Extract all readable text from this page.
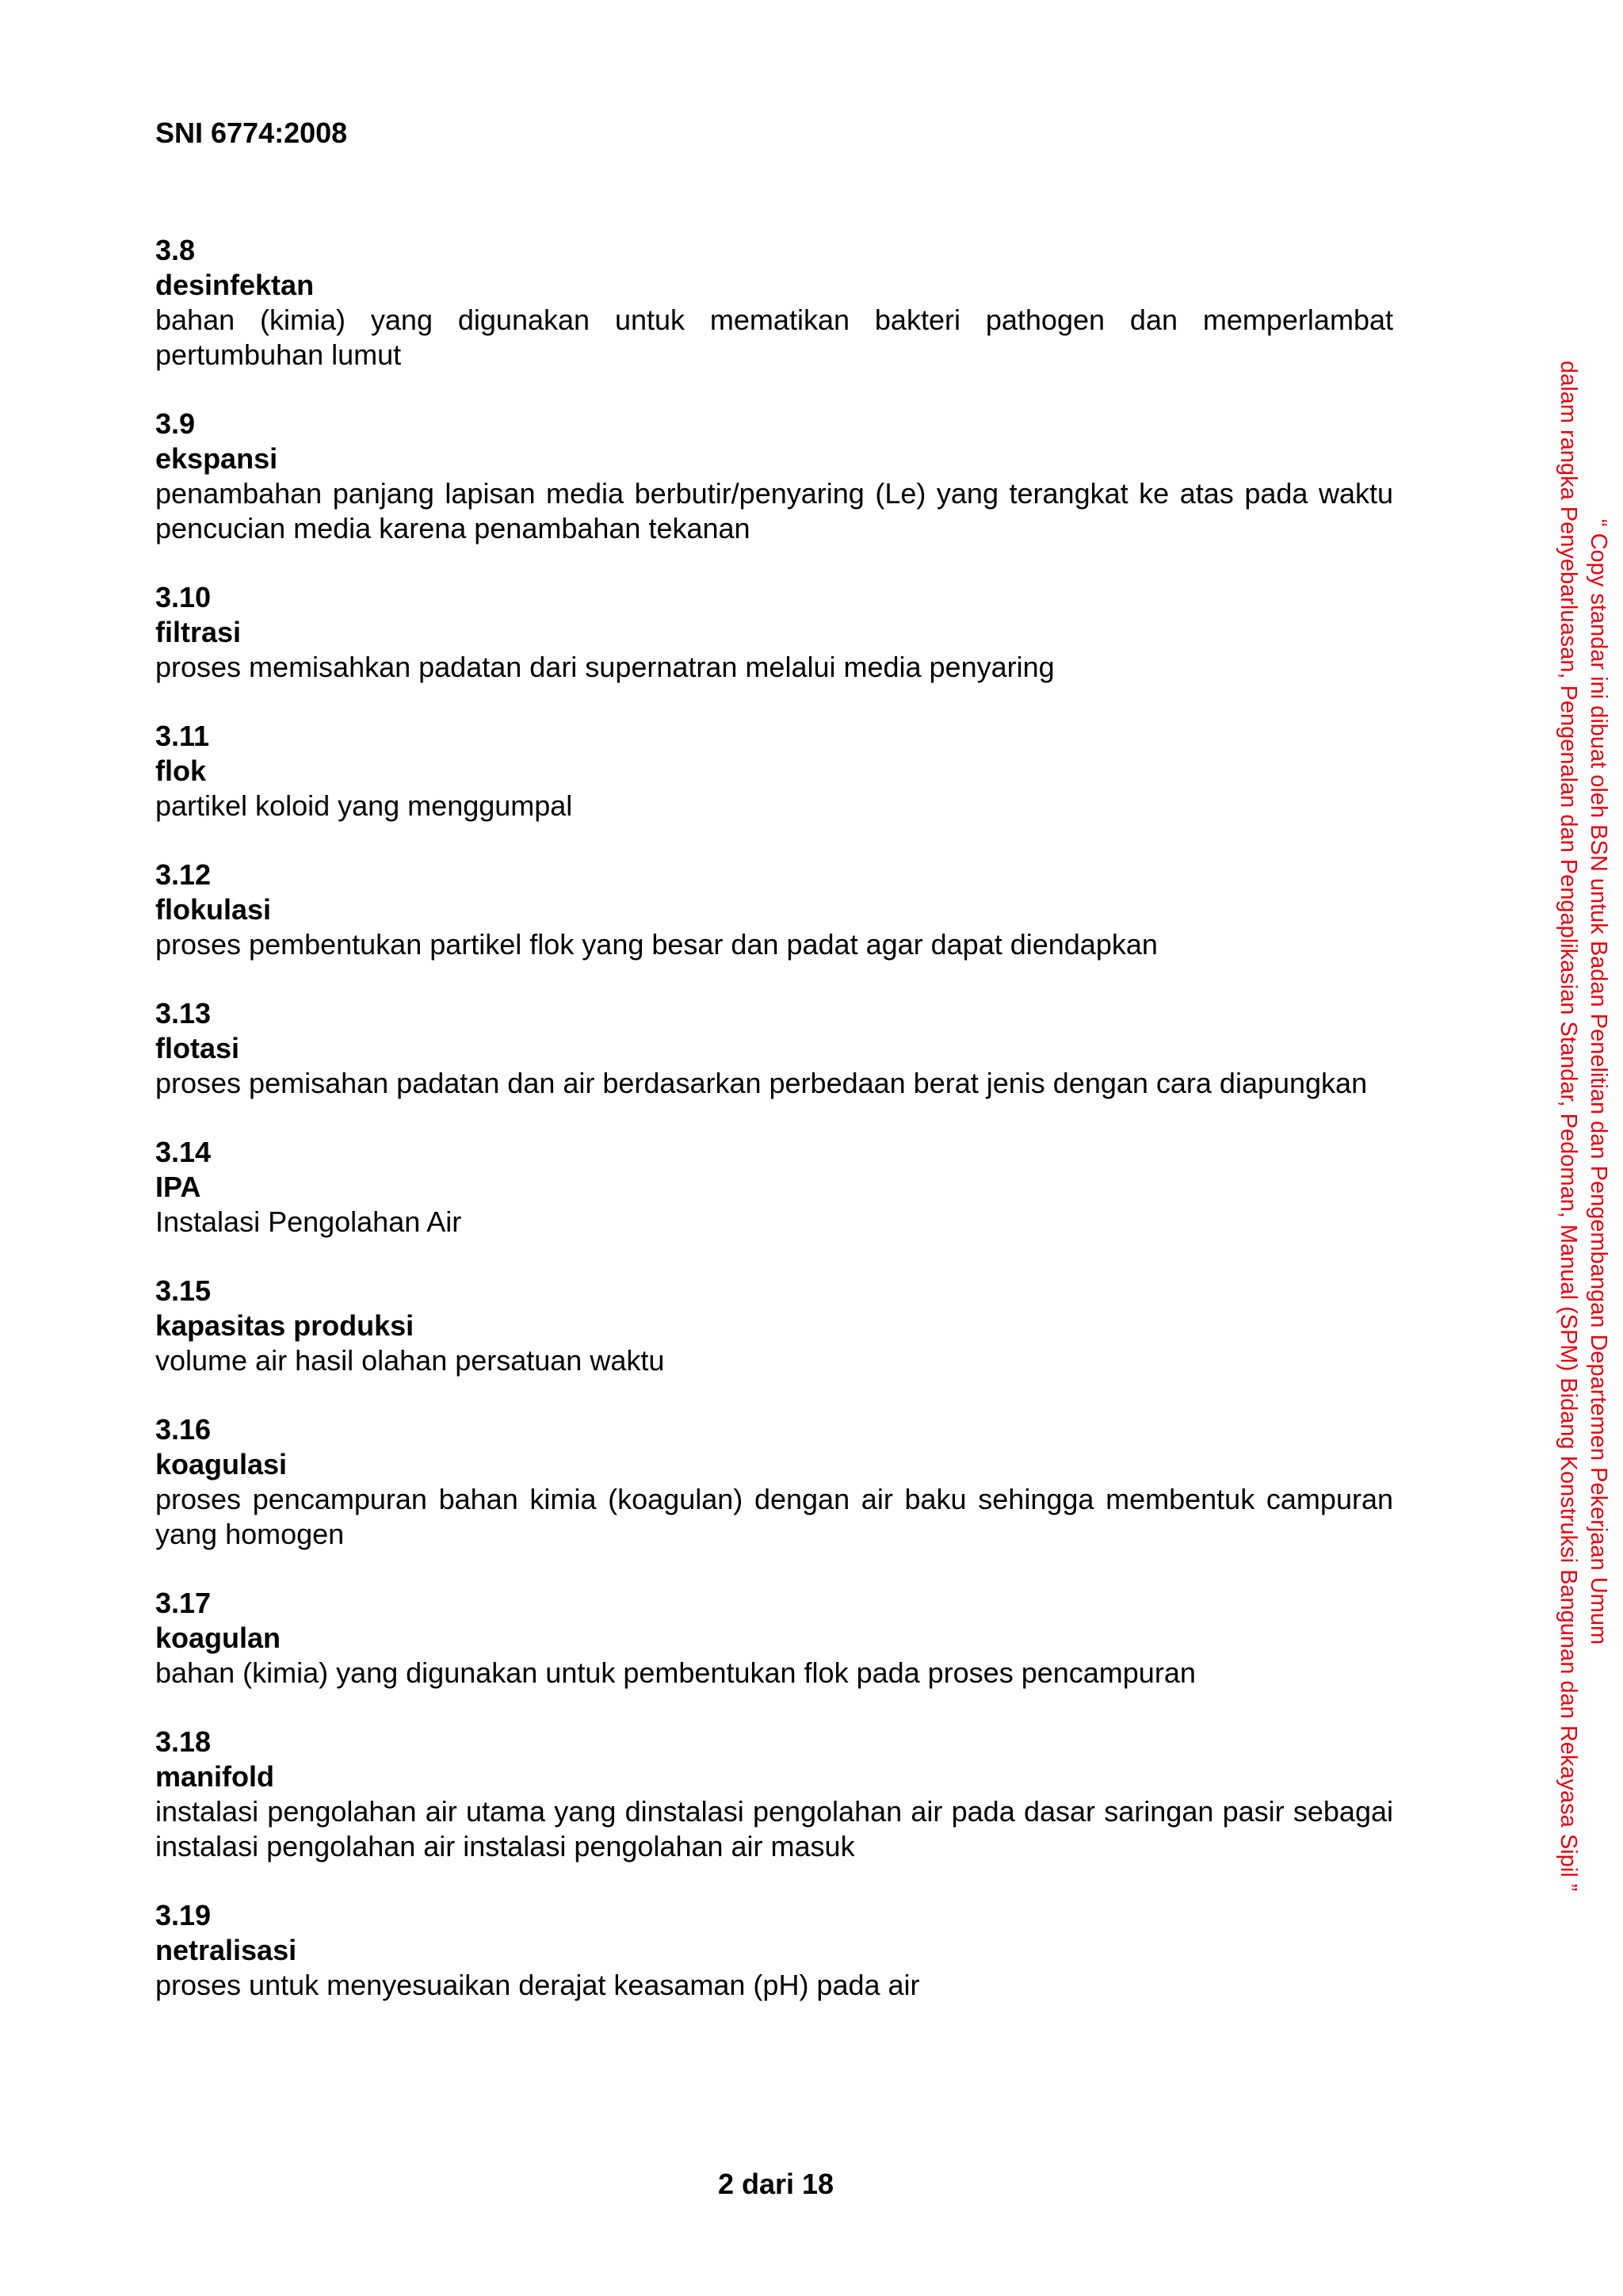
SNI 6774:2008
3.8
desinfektan
bahan (kimia) yang digunakan untuk mematikan bakteri pathogen dan memperlambat pertumbuhan lumut
3.9
ekspansi
penambahan panjang lapisan media berbutir/penyaring (Le) yang terangkat ke atas pada waktu pencucian media karena penambahan tekanan
3.10
filtrasi
proses memisahkan padatan dari supernatran melalui media penyaring
3.11
flok
partikel koloid yang menggumpal
3.12
flokulasi
proses pembentukan partikel flok yang besar dan padat agar dapat diendapkan
3.13
flotasi
proses pemisahan padatan dan air berdasarkan perbedaan berat jenis dengan cara diapungkan
3.14
IPA
Instalasi Pengolahan Air
3.15
kapasitas produksi
volume air hasil olahan persatuan waktu
3.16
koagulasi
proses pencampuran bahan kimia (koagulan) dengan air baku sehingga membentuk campuran yang homogen
3.17
koagulan
bahan (kimia) yang digunakan untuk pembentukan flok pada proses pencampuran
3.18
manifold
instalasi pengolahan air utama yang dinstalasi pengolahan air pada dasar saringan pasir sebagai instalasi pengolahan air instalasi pengolahan air masuk
3.19
netralisasi
proses untuk menyesuaikan derajat keasaman (pH) pada air
2 dari 18
“ Copy standar ini dibuat oleh BSN untuk Badan Penelitian dan Pengembangan Departemen Pekerjaan Umum
dalam rangka Penyebarluasan, Pengenalan dan Pengaplikasian Standar, Pedoman, Manual (SPM) Bidang Konstruksi Bangunan dan Rekayasa Sipil ”
